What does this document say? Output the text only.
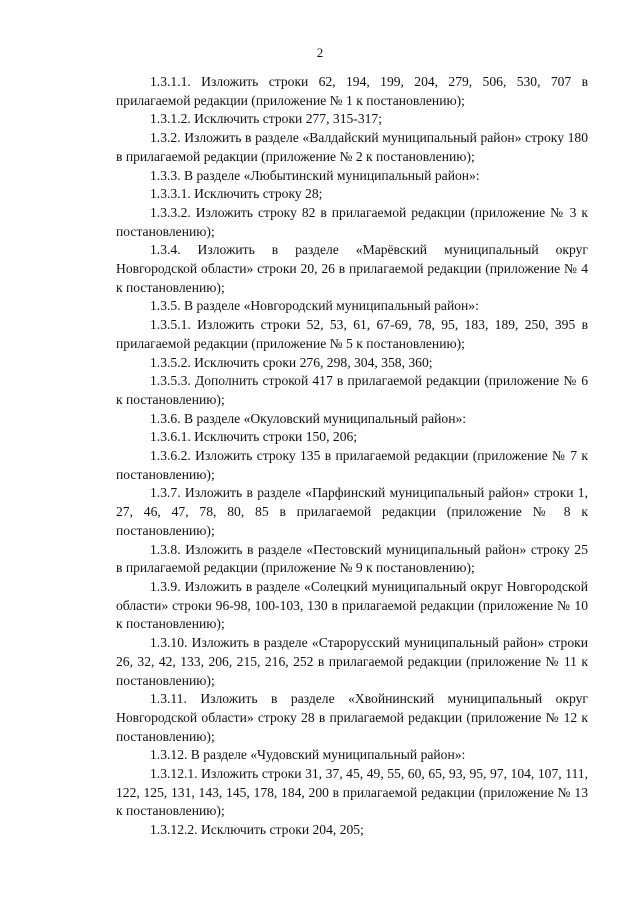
2

1.3.1.1. Изложить строки 62, 194, 199, 204, 279, 506, 530, 707 в прилагаемой редакции (приложение № 1 к постановлению);

1.3.1.2. Исключить строки 277, 315-317;

1.3.2. Изложить в разделе «Валдайский муниципальный район» строку 180 в прилагаемой редакции (приложение № 2 к постановлению);

1.3.3. В разделе «Любытинский муниципальный район»:

1.3.3.1. Исключить строку 28;

1.3.3.2. Изложить строку 82 в прилагаемой редакции (приложение № 3 к постановлению);

1.3.4. Изложить в разделе «Марёвский муниципальный округ Новгородской области» строки 20, 26 в прилагаемой редакции (приложение № 4 к постановлению);

1.3.5. В разделе «Новгородский муниципальный район»:

1.3.5.1. Изложить строки 52, 53, 61, 67-69, 78, 95, 183, 189, 250, 395 в прилагаемой редакции (приложение № 5 к постановлению);

1.3.5.2. Исключить сроки 276, 298, 304, 358, 360;

1.3.5.3. Дополнить строкой 417 в прилагаемой редакции (приложение № 6 к постановлению);

1.3.6. В разделе «Окуловский муниципальный район»:

1.3.6.1. Исключить строки 150, 206;

1.3.6.2. Изложить строку 135 в прилагаемой редакции (приложение № 7 к постановлению);

1.3.7. Изложить в разделе «Парфинский муниципальный район» строки 1, 27, 46, 47, 78, 80, 85 в прилагаемой редакции (приложение № 8 к постановлению);

1.3.8. Изложить в разделе «Пестовский муниципальный район» строку 25 в прилагаемой редакции (приложение № 9 к постановлению);

1.3.9. Изложить в разделе «Солецкий муниципальный округ Новгородской области» строки 96-98, 100-103, 130 в прилагаемой редакции (приложение № 10 к постановлению);

1.3.10. Изложить в разделе «Старорусский муниципальный район» строки 26, 32, 42, 133, 206, 215, 216, 252 в прилагаемой редакции (приложение № 11 к постановлению);

1.3.11. Изложить в разделе «Хвойнинский муниципальный округ Новгородской области» строку 28 в прилагаемой редакции (приложение № 12 к постановлению);

1.3.12. В разделе «Чудовский муниципальный район»:

1.3.12.1. Изложить строки 31, 37, 45, 49, 55, 60, 65, 93, 95, 97, 104, 107, 111, 122, 125, 131, 143, 145, 178, 184, 200 в прилагаемой редакции (приложение № 13 к постановлению);

1.3.12.2. Исключить строки 204, 205;
